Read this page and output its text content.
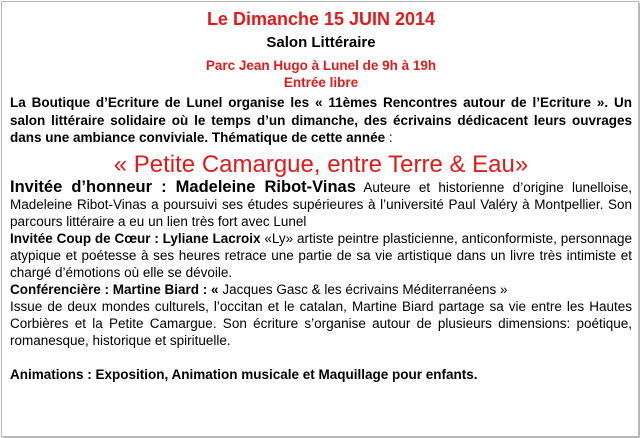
Le Dimanche 15 JUIN 2014
Salon Littéraire
Parc Jean Hugo à Lunel de 9h à 19h
Entrée libre
La Boutique d’Ecriture de Lunel organise les « 11èmes Rencontres autour de l’Ecriture ». Un salon littéraire solidaire où le temps d’un dimanche, des écrivains dédicacent leurs ouvrages dans une ambiance conviviale. Thématique de cette année :
« Petite Camargue, entre Terre & Eau»
Invitée d’honneur : Madeleine Ribot-Vinas Auteure et historienne d’origine lunelloise, Madeleine Ribot-Vinas a poursuivi ses études supérieures à l’université Paul Valéry à Montpellier. Son parcours littéraire a eu un lien très fort avec Lunel
Invitée Coup de Cœur : Lyliane Lacroix «Ly» artiste peintre plasticienne, anticonformiste, personnage atypique et poétesse à ses heures retrace une partie de sa vie artistique dans un livre très intimiste et chargé d’émotions où elle se dévoile.
Conférencière : Martine Biard : « Jacques Gasc & les écrivains Méditerranéens »
Issue de deux mondes culturels, l’occitan et le catalan, Martine Biard partage sa vie entre les Hautes Corbières et la Petite Camargue. Son écriture s’organise autour de plusieurs dimensions: poétique, romanesque, historique et spirituelle.
Animations : Exposition, Animation musicale et Maquillage pour enfants.
